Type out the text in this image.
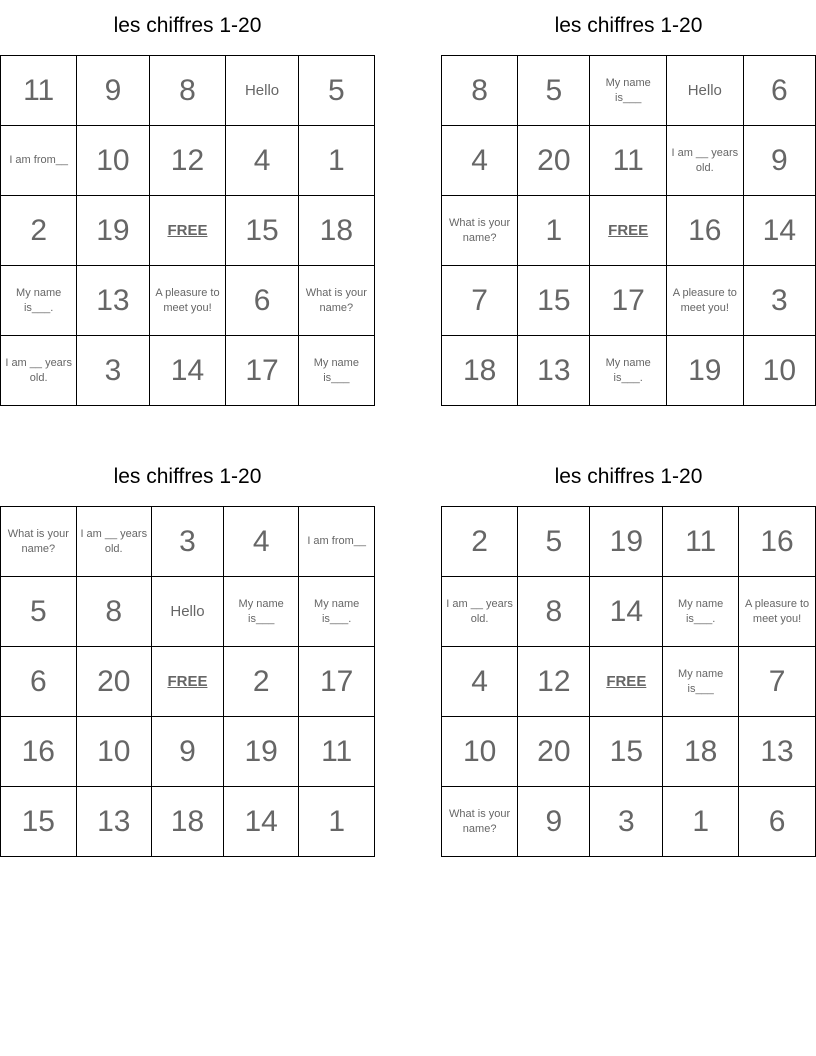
les chiffres 1-20
11	9	8	Hello	5
I am from__	10	12	4	1
2	19	FREE	15	18
My name is___.	13	A pleasure to meet you!	6	What is your name?
I am __ years old.	3	14	17	My name is___
les chiffres 1-20
8	5	My name is___	Hello	6
4	20	11	I am __ years old.	9
What is your name?	1	FREE	16	14
7	15	17	A pleasure to meet you!	3
18	13	My name is___.	19	10
les chiffres 1-20
What is your name?	I am __ years old.	3	4	I am from__
5	8	Hello	My name is___	My name is___.
6	20	FREE	2	17
16	10	9	19	11
15	13	18	14	1
les chiffres 1-20
2	5	19	11	16
I am __ years old.	8	14	My name is___.	A pleasure to meet you!
4	12	FREE	My name is___	7
10	20	15	18	13
What is your name?	9	3	1	6
